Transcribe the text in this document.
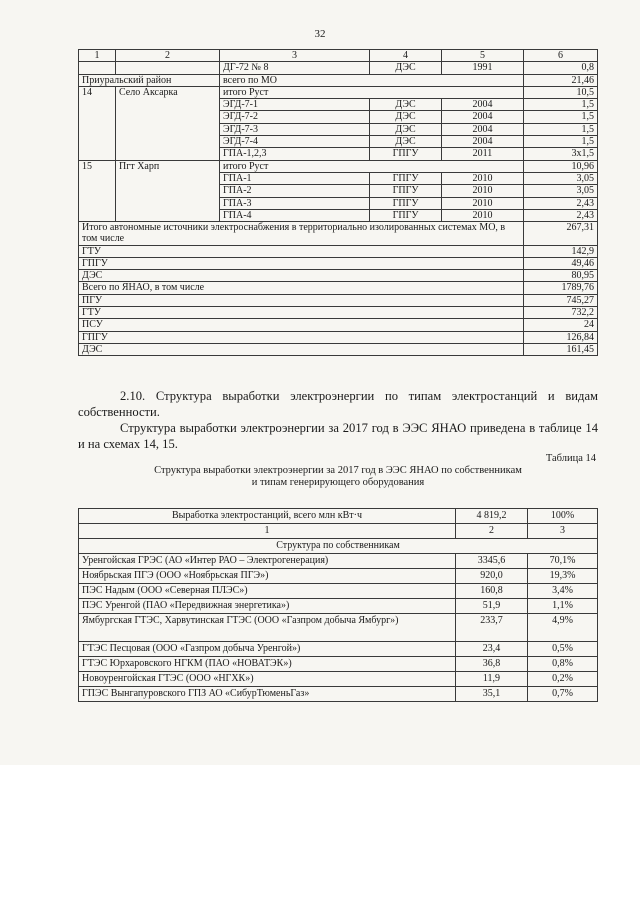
32
1	2	3	4	5	6
		ДГ-72 № 8	ДЭС	1991	0,8
Приуральский район		всего по МО			21,46
14	Село Аксарка	итого Руст			10,5
		ЭГД-7-1	ДЭС	2004	1,5
		ЭГД-7-2	ДЭС	2004	1,5
		ЭГД-7-3	ДЭС	2004	1,5
		ЭГД-7-4	ДЭС	2004	1,5
		ГПА-1,2,3	ГПГУ	2011	3х1,5
15	Пгт Харп	итого Руст			10,96
		ГПА-1	ГПГУ	2010	3,05
		ГПА-2	ГПГУ	2010	3,05
		ГПА-3	ГПГУ	2010	2,43
		ГПА-4	ГПГУ	2010	2,43
Итого автономные источники электроснабжения в территориально изолированных системах МО, в том числе					267,31
ГТУ					142,9
ГПГУ					49,46
ДЭС					80,95
Всего по ЯНАО, в том числе					1789,76
ПГУ					745,27
ГТУ					732,2
ПСУ					24
ГПГУ					126,84
ДЭС					161,45
2.10. Структура выработки электроэнергии по типам электростанций и видам собственности.
Структура выработки электроэнергии за 2017 год в ЭЭС ЯНАО приведена в таблице 14 и на схемах 14, 15.
Таблица 14
Структура выработки электроэнергии за 2017 год в ЭЭС ЯНАО по собственникам
и типам генерирующего оборудования
Выработка электростанций, всего млн кВт·ч	4 819,2	100%
1	2	3
Структура по собственникам		
Уренгойская ГРЭС (АО «Интер РАО – Электрогенерация)	3345,6	70,1%
Ноябрьская ПГЭ (ООО «Ноябрьская ПГЭ»)	920,0	19,3%
ПЭС Надым (ООО «Северная ПЛЭС»)	160,8	3,4%
ПЭС Уренгой (ПАО «Передвижная энергетика»)	51,9	1,1%
Ямбургская ГТЭС, Харвутинская ГТЭС (ООО «Газпром добыча Ямбург»)	233,7	4,9%
ГТЭС Песцовая (ООО «Газпром добыча Уренгой»)	23,4	0,5%
ГТЭС Юрхаровского НГКМ (ПАО «НОВАТЭК»)	36,8	0,8%
Новоуренгойская ГТЭС (ООО «НГХК»)	11,9	0,2%
ГПЭС Вынгапуровского ГПЗ АО «СибурТюменьГаз»	35,1	0,7%
